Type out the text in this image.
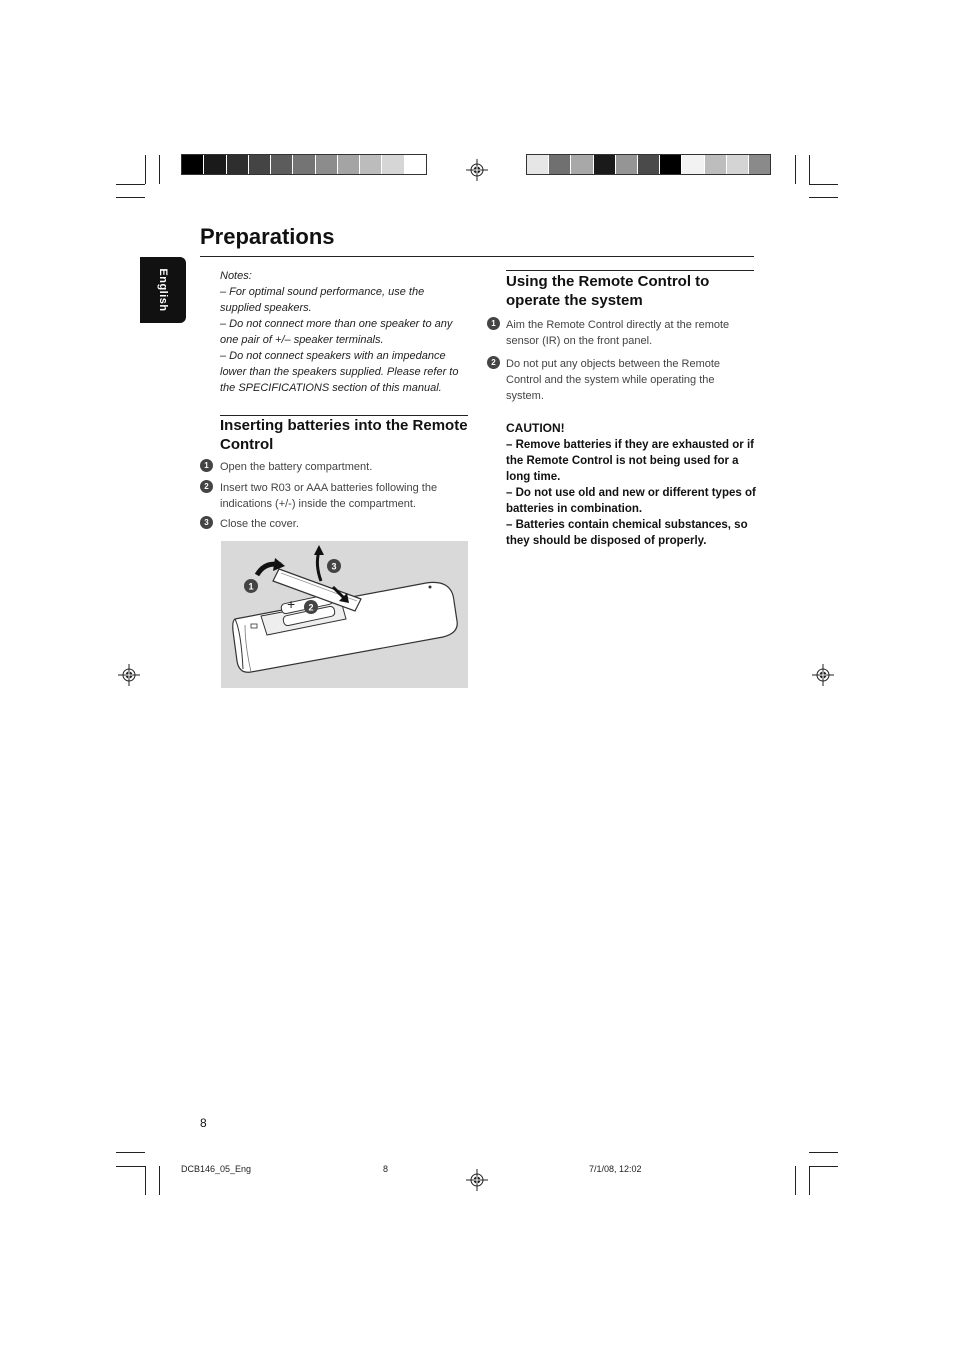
Preparations
English	Notes:

– For optimal sound performance, use the supplied speakers.

– Do not connect more than one speaker to any one pair of +/– speaker terminals.

– Do not connect speakers with an impedance lower than the speakers supplied. Please refer to the SPECIFICATIONS section of this manual.

Inserting batteries into the Remote Control
1	Open the battery compartment.
2	Insert two R03 or AAA batteries following the indications (+/-) inside the compartment.
3	Close the cover.
+
1
2
3
Using the Remote Control to operate the system
1 Aim the Remote Control directly at the remote sensor (IR) on the front panel.
2 Do not put any objects between the Remote Control and the system while operating the system.

CAUTION!

– Remove batteries if they are exhausted or if the Remote Control is not being used for a long time.

– Do not use old and new or different types of batteries in combination.

– Batteries contain chemical substances, so they should be disposed of properly.

8
DCB146_05_Eng	8	7/1/08, 12:02
